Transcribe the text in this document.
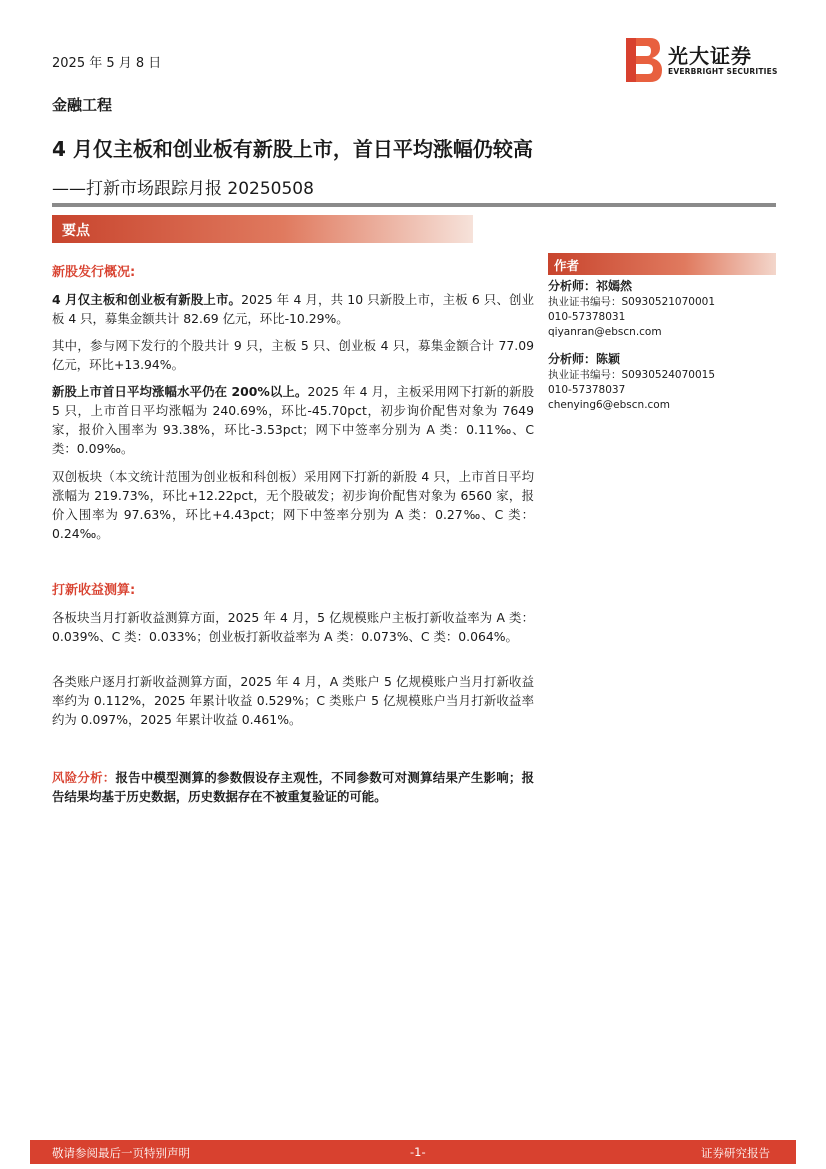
2025 年 5 月 8 日	光大证券
EVERBRIGHT SECURITIES
金融工程
4 月仅主板和创业板有新股上市，首日平均涨幅仍较高
——打新市场跟踪月报 20250508
要点
新股发行概况:

4 月仅主板和创业板有新股上市。2025 年 4 月，共 10 只新股上市，主板 6 只、创业板 4 只，募集金额共计 82.69 亿元，环比-10.29%。

其中，参与网下发行的个股共计 9 只，主板 5 只、创业板 4 只，募集金额合计 77.09 亿元，环比+13.94%。

新股上市首日平均涨幅水平仍在 200%以上。2025 年 4 月，主板采用网下打新的新股 5 只，上市首日平均涨幅为 240.69%，环比-45.70pct，初步询价配售对象为 7649 家，报价入围率为 93.38%，环比-3.53pct；网下中签率分别为 A 类：0.11‰、C 类：0.09‰。

双创板块（本文统计范围为创业板和科创板）采用网下打新的新股 4 只，上市首日平均涨幅为 219.73%，环比+12.22pct，无个股破发；初步询价配售对象为 6560 家，报价入围率为 97.63%，环比+4.43pct；网下中签率分别为 A 类：0.27‰、C 类：0.24‰。

打新收益测算:

各板块当月打新收益测算方面，2025 年 4 月，5 亿规模账户主板打新收益率为 A 类：0.039%、C 类：0.033%；创业板打新收益率为 A 类：0.073%、C 类：0.064%。

各类账户逐月打新收益测算方面，2025 年 4 月，A 类账户 5 亿规模账户当月打新收益率约为 0.112%，2025 年累计收益 0.529%；C 类账户 5 亿规模账户当月打新收益率约为 0.097%，2025 年累计收益 0.461%。

风险分析：报告中模型测算的参数假设存主观性，不同参数可对测算结果产生影响；报告结果均基于历史数据，历史数据存在不被重复验证的可能。

作者
分析师：祁嫣然
执业证书编号：S0930521070001
010-57378031
qiyanran@ebscn.com
分析师：陈颖
执业证书编号：S0930524070015
010-57378037
chenying6@ebscn.com
敬请参阅最后一页特别声明	-1-	证券研究报告
